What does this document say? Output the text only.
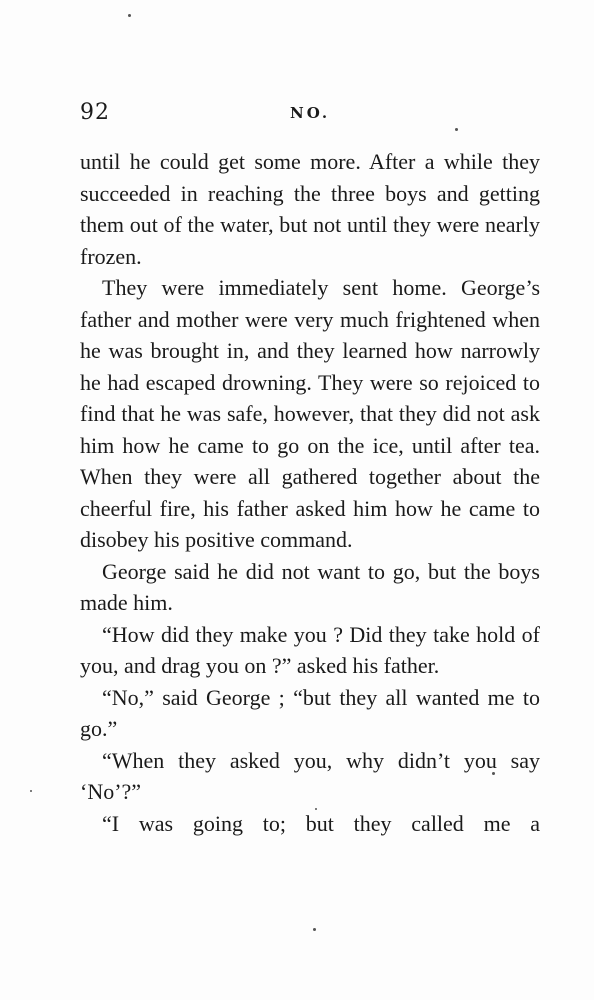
92	NO.

until he could get some more. After a while they succeeded in reaching the three boys and getting them out of the water, but not until they were nearly frozen.

They were immediately sent home. George’s father and mother were very much frightened when he was brought in, and they learned how narrowly he had escaped drowning. They were so rejoiced to find that he was safe, however, that they did not ask him how he came to go on the ice, until after tea. When they were all gathered together about the cheerful fire, his father asked him how he came to disobey his positive command.

George said he did not want to go, but the boys made him.

“How did they make you ? Did they take hold of you, and drag you on ?” asked his father.

“No,” said George ; “but they all wanted me to go.”

“When they asked you, why didn’t you say ‘No’?”

“I was going to; but they called me a
